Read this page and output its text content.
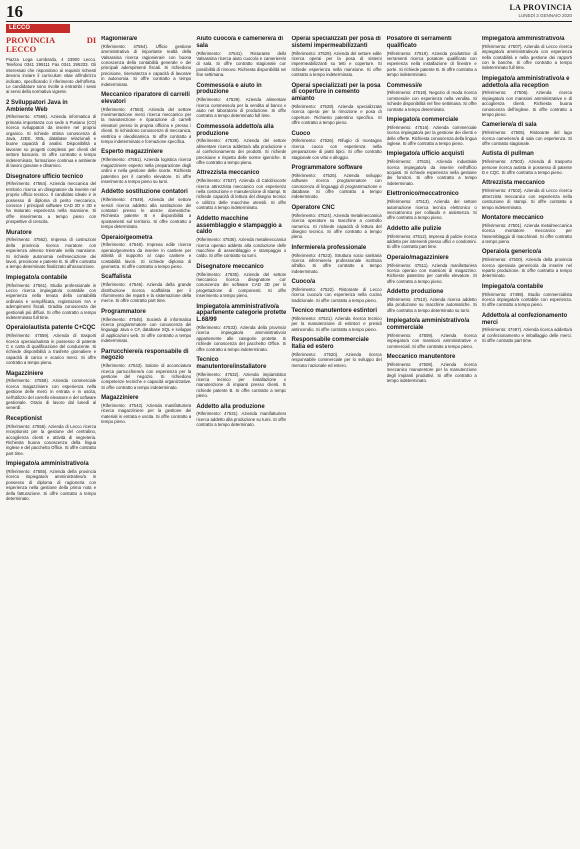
16	LA PROVINCIA
LUNEDÌ 3 GENNAIO 2020
LECCO
PROVINCIA DI LECCO

Piazza Lega Lombarda, 4 23900 Lecco. Telefono 0341 295111 Fax 0341 295333. Gli interessati che rispondono ai requisiti richiesti devono inviare il curriculum vitae all'indirizzo indicato, specificando il riferimento dell'offerta. Le candidature sono rivolte a entrambi i sessi ai sensi della normativa vigente.

2 Sviluppatori Java in Ambiente Web

(Riferimento: 47566). Azienda informatica di primaria importanza con sede a Pusiano (CO) ricerca sviluppatori da inserire nel proprio organico. Si richiede ottima conoscenza di Java, J2EE, XML, database relazionali e buone capacità di analisi. Disponibilità a lavorare su progetti complessi per clienti del settore bancario. Si offre contratto a tempo indeterminato, formazione continua e ambiente di lavoro giovane e dinamico.

Disegnatore ufficio tecnico

(Riferimento: 47564). Azienda meccanica del territorio ricerca un disegnatore da inserire nel proprio ufficio tecnico. Il candidato ideale è in possesso di diploma di perito meccanico, conosce i principali software CAD 2D e 3D e ha maturato esperienza nella mansione. Si offre inserimento a tempo pieno con prospettive di crescita.

Muratore

(Riferimento: 47562). Impresa di costruzioni della provincia ricerca muratore con esperienza almeno triennale nella mansione. Si richiede autonomia nell'esecuzione dei lavori, precisione e patente B. Si offre contratto a tempo determinato finalizzato all'assunzione.

Impiegato/a contabile

(Riferimento: 47561). Studio professionale in Lecco ricerca impiegato/a contabile con esperienza nella tenuta della contabilità ordinaria e semplificata, registrazioni IVA e adempimenti fiscali. Gradita conoscenza dei gestionali più diffusi. Si offre contratto a tempo indeterminato full time.

Operaio/autista patente C+CQC

(Riferimento: 47559). Azienda di trasporti ricerca operaio/autista in possesso di patente C e carta di qualificazione del conducente. Si richiede disponibilità a trasferte giornaliere e capacità di carico e scarico merci. Si offre contratto a tempo pieno.

Magazziniere

(Riferimento: 47558). Azienda commerciale ricerca magazziniere con esperienza nella gestione delle merci in entrata e in uscita, nell'utilizzo del carrello elevatore e del software gestionale. Orario di lavoro dal lunedì al venerdì.

Receptionist

(Riferimento: 47556). Azienda di Lecco ricerca receptionist per la gestione del centralino, accoglienza clienti e attività di segreteria. Richiesta buona conoscenza della lingua inglese e del pacchetto Office. Si offre contratto part time.

Impiegato/a amministrativo/a

(Riferimento: 47555). Azienda della provincia ricerca impiegato/a amministrativo/a in possesso di diploma di ragioneria con esperienza nella gestione della prima nota e della fatturazione. Si offre contratto a tempo determinato.

Ragioniera/e

(Riferimento: 47554). Ufficio gestione amministrativa di importante realtà della Valsassina ricerca ragioniera/e con buona conoscenza della contabilità generale e dei principali adempimenti fiscali. Si richiedono precisione, riservatezza e capacità di lavorare in autonomia. Si offre contratto a tempo indeterminato.

Meccanico riparatore di carrelli elevatori

(Riferimento: 47553). Azienda del settore movimentazione merci ricerca meccanico per la manutenzione e riparazione di carrelli elevatori presso la propria officina e presso i clienti. Si richiedono conoscenze di meccanica, elettrica e oleodinamica. Si offre contratto a tempo indeterminato e formazione specifica.

Esperto magazziniere

(Riferimento: 47551). Azienda logistica ricerca magazziniere esperto nella preparazione degli ordini e nella gestione delle scorte. Richiesto patentino per il carrello elevatore. Si offre inserimento a tempo pieno su turni.

Addetto sostituzione contatori

(Riferimento: 47549). Azienda del settore servizi ricerca addetto alla sostituzione dei contatori presso le utenze domestiche. Richiesta patente B e disponibilità a spostamenti sul territorio. Si offre contratto a tempo determinato.

Operaio/geometra

(Riferimento: 47548). Impresa edile ricerca operaio/geometra da inserire in cantiere per attività di supporto al capo cantiere e contabilità lavori. Si richiede diploma di geometra. Si offre contratto a tempo pieno.

Scaffalista

(Riferimento: 47546). Azienda della grande distribuzione ricerca scaffalista per il rifornimento dei reparti e la sistemazione della merce. Si offre contratto part time.

Programmatore

(Riferimento: 47545). Società di informatica ricerca programmatore con conoscenza dei linguaggi Java e C#, database SQL e sviluppo di applicazioni web. Si offre contratto a tempo indeterminato.

Parrucchiere/a responsabile di negozio

(Riferimento: 47543). Salone di acconciatura ricerca parrucchiere/a con esperienza per la gestione del negozio. Si richiedono competenze tecniche e capacità organizzative. Si offre contratto a tempo indeterminato.

Magazziniere

(Riferimento: 47542). Azienda manifatturiera ricerca magazziniere per la gestione dei materiali in entrata e uscita. Si offre contratto a tempo pieno.

Aiuto cuoco/a e cameriere/a di sala

(Riferimento: 47541). Ristorante della Valsassina ricerca aiuto cuoco/a e cameriere/a di sala. Si offre contratto stagionale con possibilità di rinnovo. Richiesta disponibilità nel fine settimana.

Commesso/a e aiuto in produzione

(Riferimento: 47539). Azienda alimentare ricerca commesso/a per la vendita al banco e aiuto nel laboratorio di produzione. Si offre contratto a tempo determinato full time.

Commesso/a addetto/a alla produzione

(Riferimento: 47538). Azienda del settore alimentare ricerca addetto/a alla produzione e al confezionamento dei prodotti. Si richiede precisione e rispetto delle norme igieniche. Si offre contratto a tempo pieno.

Attrezzista meccanico

(Riferimento: 47537). Azienda di Calolziocorte ricerca attrezzista meccanico con esperienza nella costruzione e manutenzione di stampi. Si richiede capacità di lettura del disegno tecnico e utilizzo delle macchine utensili. Si offre contratto a tempo indeterminato.

Addetto macchine assemblaggio e stampaggio a caldo

(Riferimento: 47536). Azienda metalmeccanica ricerca operaio addetto alla conduzione delle macchine di assemblaggio e stampaggio a caldo. Si offre contratto su turni.

Disegnatore meccanico

(Riferimento: 47535). Azienda del settore meccanico ricerca disegnatore con conoscenza dei software CAD 3D per la progettazione di componenti. Si offre inserimento a tempo pieno.

Impiegato/a amministrativo/a appartenente categorie protette L.68/99

(Riferimento: 47533). Azienda della provincia ricerca impiegato/a amministrativo/a appartenente alle categorie protette. Si richiede conoscenza del pacchetto Office. Si offre contratto a tempo indeterminato.

Tecnico manutentore/installatore

(Riferimento: 47532). Azienda impiantistica ricerca tecnico per installazione e manutenzione di impianti presso clienti. Si richiede patente B. Si offre contratto a tempo pieno.

Addetto alla produzione

(Riferimento: 47531). Azienda manifatturiera ricerca addetto alla produzione su turni. Si offre contratto a tempo determinato.

Operai specializzati per posa di sistemi impermeabilizzanti

(Riferimento: 47529). Azienda del settore edile ricerca operai per la posa di sistemi impermeabilizzanti su tetti e coperture. Si richiede esperienza nella mansione. Si offre contratto a tempo indeterminato.

Operai specializzati per la posa di coperture in cemento amianto

(Riferimento: 47528). Azienda specializzata ricerca operai per la rimozione e posa di coperture. Richiesto patentino specifico. Si offre contratto a tempo pieno.

Cuoco

(Riferimento: 47526). Rifugio di montagna ricerca cuoco con esperienza nella preparazione di piatti tipici. Si offre contratto stagionale con vitto e alloggio.

Programmatore software

(Riferimento: 47525). Azienda sviluppo software ricerca programmatore con conoscenza di linguaggi di programmazione e database. Si offre contratto a tempo indeterminato.

Operatore CNC

(Riferimento: 47524). Azienda metalmeccanica ricerca operatore su macchine a controllo numerico. Si richiede capacità di lettura del disegno tecnico. Si offre contratto a tempo pieno.

Infermiere/a professionale

(Riferimento: 47523). Struttura socio sanitaria ricerca infermiere/a professionale iscritto/a all'albo. Si offre contratto a tempo indeterminato.

Cuoco/a

(Riferimento: 47522). Ristorante di Lecco ricerca cuoco/a con esperienza nella cucina tradizionale. Si offre contratto a tempo pieno.

Tecnico manutentore estintori

(Riferimento: 47521). Azienda ricerca tecnico per la manutenzione di estintori e presidi antincendio. Si offre contratto a tempo pieno.

Responsabile commerciale Italia ed estero

(Riferimento: 47520). Azienda ricerca responsabile commerciale per lo sviluppo del mercato nazionale ed estero.

Posatore di serramenti qualificato

(Riferimento: 47519). Azienda produttrice di serramenti ricerca posatore qualificato con esperienza nella installazione di finestre e porte. Si richiede patente B. Si offre contratto a tempo indeterminato.

Commessi/e

(Riferimento: 47518). Negozio di moda ricerca commessi/e con esperienza nella vendita. Si richiede disponibilità nel fine settimana. Si offre contratto a tempo determinato.

Impiegato/a commerciale

(Riferimento: 47516). Azienda commerciale ricerca impiegato/a per la gestione dei clienti e delle offerte. Richiesta conoscenza della lingua inglese. Si offre contratto a tempo pieno.

Impiegato/a ufficio acquisti

(Riferimento: 47515). Azienda industriale ricerca impiegato/a da inserire nell'ufficio acquisti. Si richiede esperienza nella gestione dei fornitori. Si offre contratto a tempo indeterminato.

Elettronico/meccatronico

(Riferimento: 47513). Azienda del settore automazione ricerca tecnico elettronico o meccatronico per collaudo e assistenza. Si offre contratto a tempo pieno.

Addetto alle pulizie

(Riferimento: 47512). Impresa di pulizie ricerca addetto per interventi presso uffici e condomini. Si offre contratto part time.

Operaio/magazziniere

(Riferimento: 47511). Azienda manifatturiera ricerca operaio con mansioni di magazzino. Richiesto patentino per carrello elevatore. Si offre contratto a tempo pieno.

Addetto produzione

(Riferimento: 47510). Azienda ricerca addetto alla produzione su macchine automatiche. Si offre contratto a tempo determinato su turni.

Impiegato/a amministrativo/a commerciale

(Riferimento: 47509). Azienda ricerca impiegato/a con mansioni amministrative e commerciali. Si offre contratto a tempo pieno.

Meccanico manutentore

(Riferimento: 47508). Azienda ricerca meccanico manutentore per la manutenzione degli impianti produttivi. Si offre contratto a tempo indeterminato.

Impiegato/a amministrativo/a

(Riferimento: 47507). Azienda di Lecco ricerca impiegato/a amministrativo/a con esperienza nella contabilità e nella gestione dei rapporti con le banche. Si offre contratto a tempo indeterminato full time.

Impiegato/a amministrativo/a e addetto/a alla reception

(Riferimento: 47506). Azienda ricerca impiegato/a con mansioni amministrative e di accoglienza clienti. Richiesta buona conoscenza dell'inglese. Si offre contratto a tempo pieno.

Cameriere/a di sala

(Riferimento: 47505). Ristorante del lago ricerca cameriere/a di sala con esperienza. Si offre contratto stagionale.

Autista di pullman

(Riferimento: 47503). Azienda di trasporto persone ricerca autista in possesso di patente D e CQC. Si offre contratto a tempo pieno.

Attrezzista meccanico

(Riferimento: 47502). Azienda di Lecco ricerca attrezzista meccanico con esperienza nella costruzione di stampi. Si offre contratto a tempo indeterminato.

Montatore meccanico

(Riferimento: 47501). Azienda metalmeccanica ricerca montatore meccanico per l'assemblaggio di macchinari. Si offre contratto a tempo pieno.

Operaio/a generico/a

(Riferimento: 47500). Azienda della provincia ricerca operaio/a generico/a da inserire nel reparto produzione. Si offre contratto a tempo determinato.

Impiegato/a contabile

(Riferimento: 47498). Studio commercialista ricerca impiegato/a contabile con esperienza. Si offre contratto a tempo pieno.

Addetto/a al confezionamento merci

(Riferimento: 47497). Azienda ricerca addetto/a al confezionamento e imballaggio delle merci. Si offre contratto part time.
